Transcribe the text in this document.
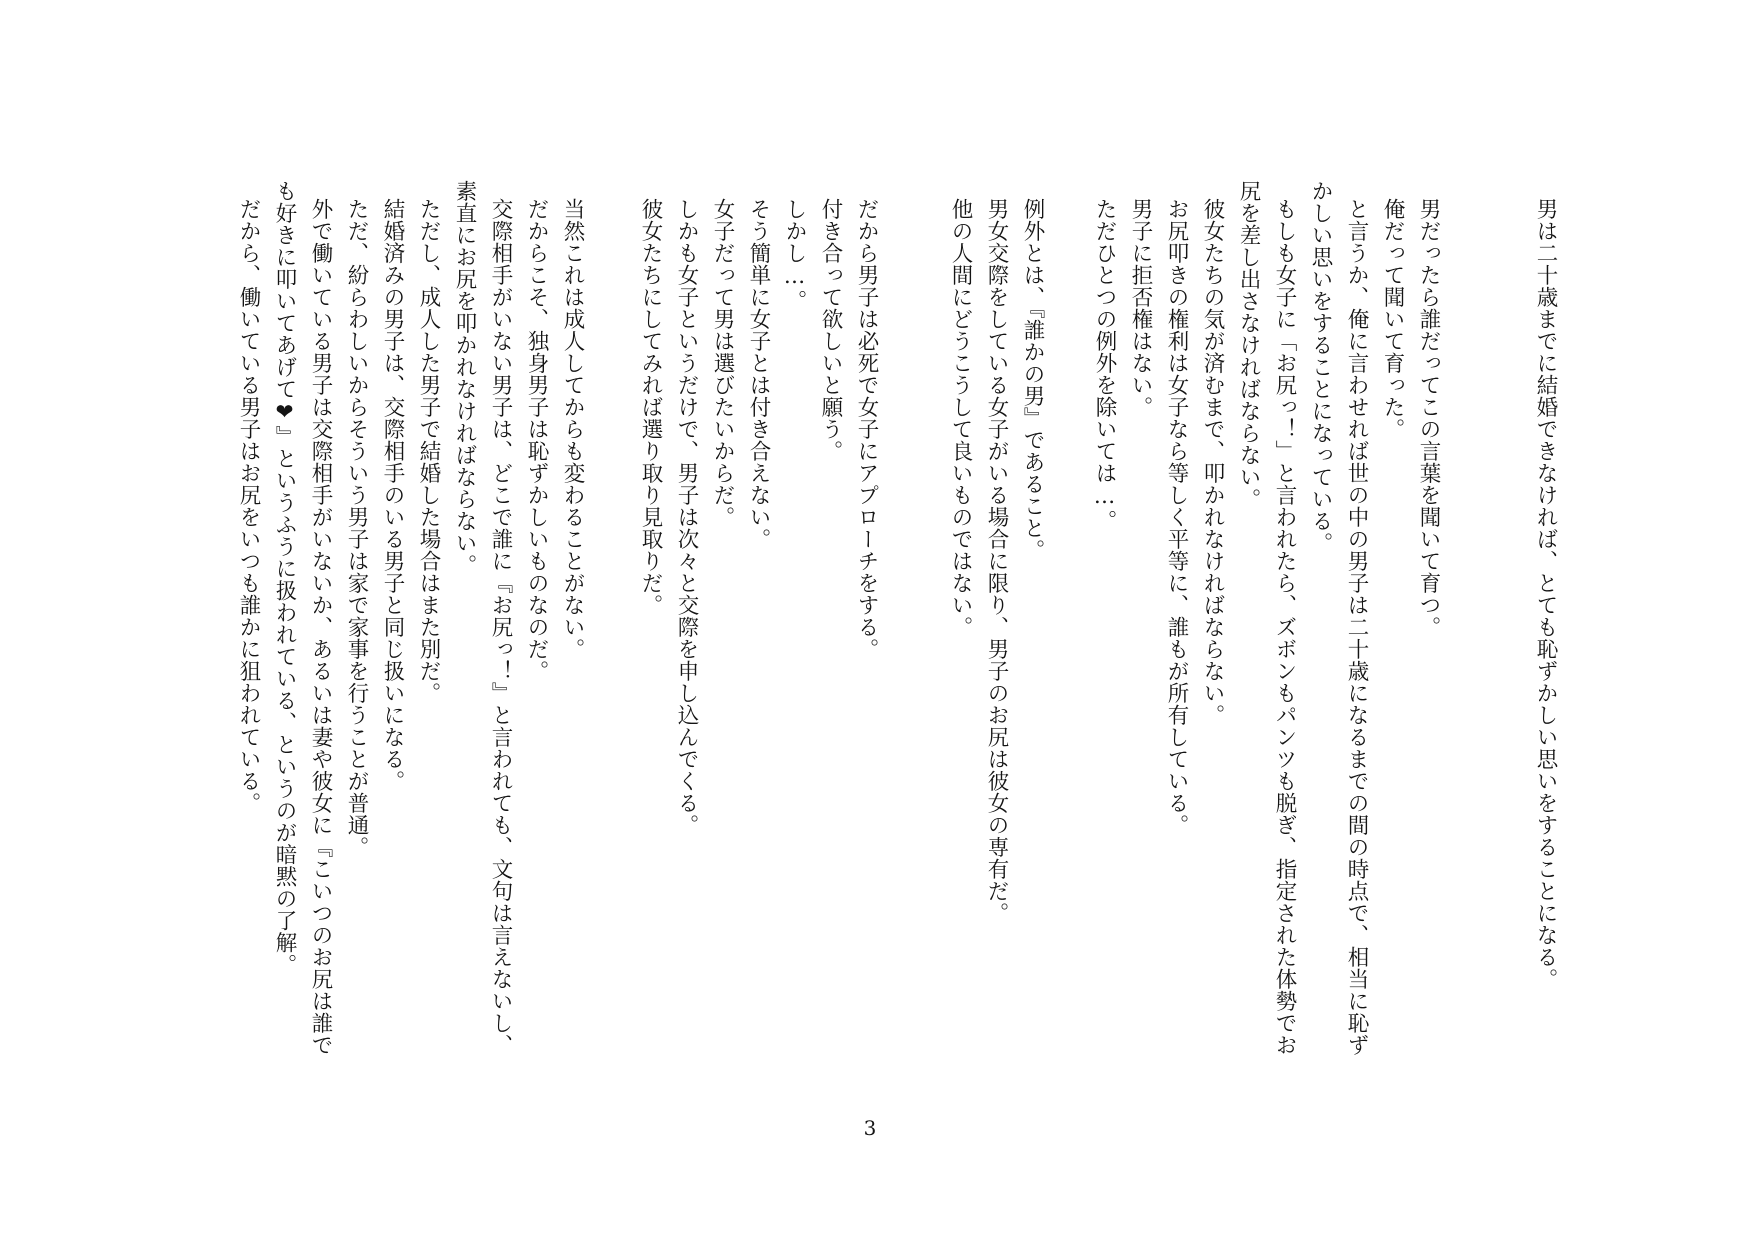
男は二十歳までに結婚できなければ、とても恥ずかしい思いをすることになる。
男だったら誰だってこの言葉を聞いて育つ。
俺だって聞いて育った。
と言うか、俺に言わせれば世の中の男子は二十歳になるまでの間の時点で、相当に恥ず
かしい思いをすることになっている。
もしも女子に「お尻っ！」と言われたら、ズボンもパンツも脱ぎ、指定された体勢でお
尻を差し出さなければならない。
彼女たちの気が済むまで、叩かれなければならない。
お尻叩きの権利は女子なら等しく平等に、誰もが所有している。
男子に拒否権はない。
ただひとつの例外を除いては…。
例外とは、『誰かの男』であること。
男女交際をしている女子がいる場合に限り、男子のお尻は彼女の専有だ。
他の人間にどうこうして良いものではない。
だから男子は必死で女子にアプローチをする。
付き合って欲しいと願う。
しかし…。
そう簡単に女子とは付き合えない。
女子だって男は選びたいからだ。
しかも女子というだけで、男子は次々と交際を申し込んでくる。
彼女たちにしてみれば選り取り見取りだ。
当然これは成人してからも変わることがない。
だからこそ、独身男子は恥ずかしいものなのだ。
交際相手がいない男子は、どこで誰に『お尻っ！』と言われても、文句は言えないし、
素直にお尻を叩かれなければならない。
ただし、成人した男子で結婚した場合はまた別だ。
結婚済みの男子は、交際相手のいる男子と同じ扱いになる。
ただ、紛らわしいからそういう男子は家で家事を行うことが普通。
外で働いている男子は交際相手がいないか、あるいは妻や彼女に『こいつのお尻は誰で
も好きに叩いてあげて❤』というふうに扱われている、というのが暗黙の了解。
だから、働いている男子はお尻をいつも誰かに狙われている。
3
